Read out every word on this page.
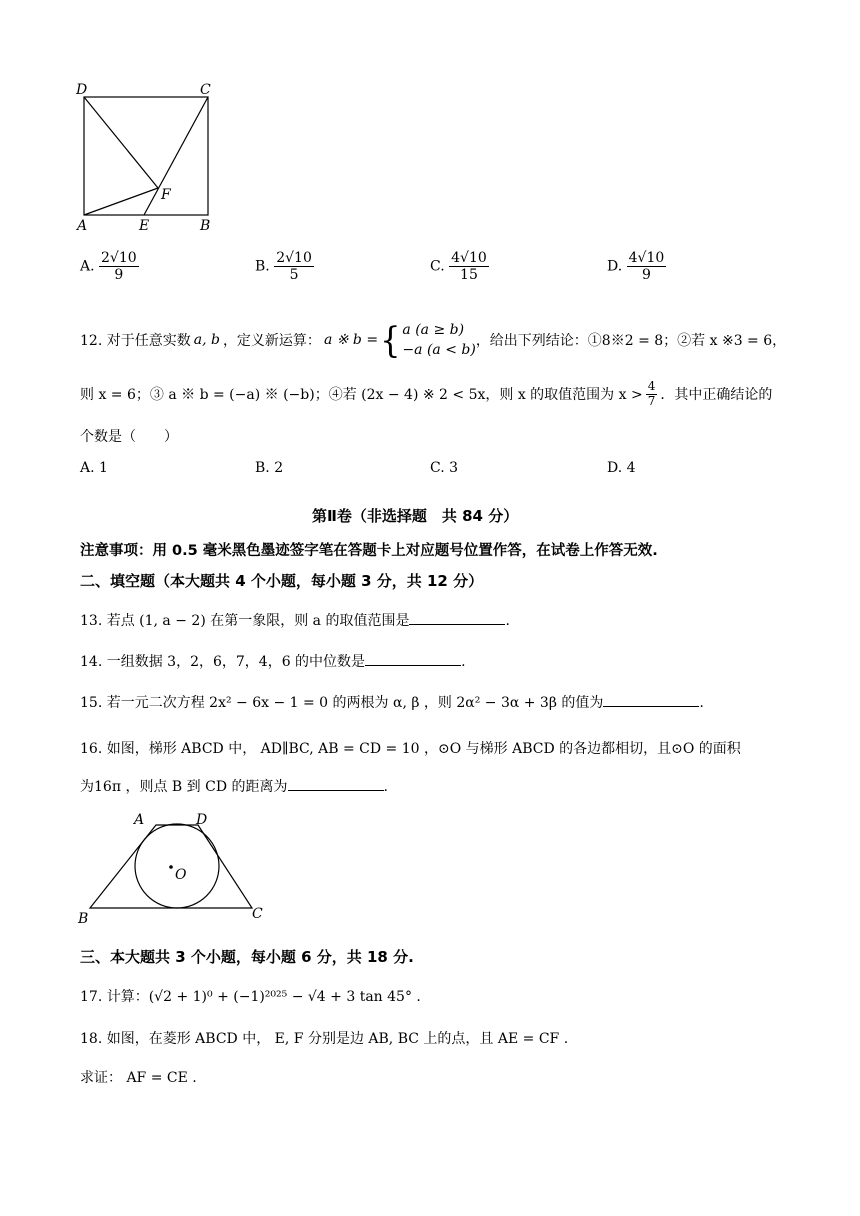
D	C
A	E	B
F
A. $\frac{2√10}{9}$	B. $\frac{2√10}{5}$	C. $\frac{4√10}{15}$	D. $\frac{4√10}{9}$
12. 对于任意实数 a, b ，定义新运算： a ※ b = { a (a ≥ b)
−a (a < b)
，给出下列结论：①8※2 = 8；②若 x ※3 = 6，
则 x = 6；③ a ※ b = (−a) ※ (−b)；④若 (2x − 4) ※ 2 < 5x，则 x 的取值范围为 $x > \frac{4}{7}$ ．其中正确结论的
个数是（　　）
A. 1	B. 2	C. 3	D. 4
第Ⅱ卷（非选择题　共 84 分）
注意事项：用 0.5 毫米黑色墨迹签字笔在答题卡上对应题号位置作答，在试卷上作答无效.
二、填空题（本大题共 4 个小题，每小题 3 分，共 12 分）
13. 若点 (1, a − 2) 在第一象限，则 a 的取值范围是	.
14. 一组数据 3，2，6，7，4，6 的中位数是	.
15. 若一元二次方程 2x² − 6x − 1 = 0 的两根为 α, β ，则 2α² − 3α + 3β 的值为	.
16. 如图，梯形 ABCD 中， AD∥BC, AB = CD = 10 ，⊙O 与梯形 ABCD 的各边都相切，且⊙O 的面积
为16π ，则点 B 到 CD 的距离为	.
A	D
B	C
O
三、本大题共 3 个小题，每小题 6 分，共 18 分.
17. 计算：(√2 + 1)⁰ + (−1)²⁰²⁵ − √4 + 3 tan 45° .
18. 如图，在菱形 ABCD 中， E, F 分别是边 AB, BC 上的点，且 AE = CF .
求证： AF = CE .
